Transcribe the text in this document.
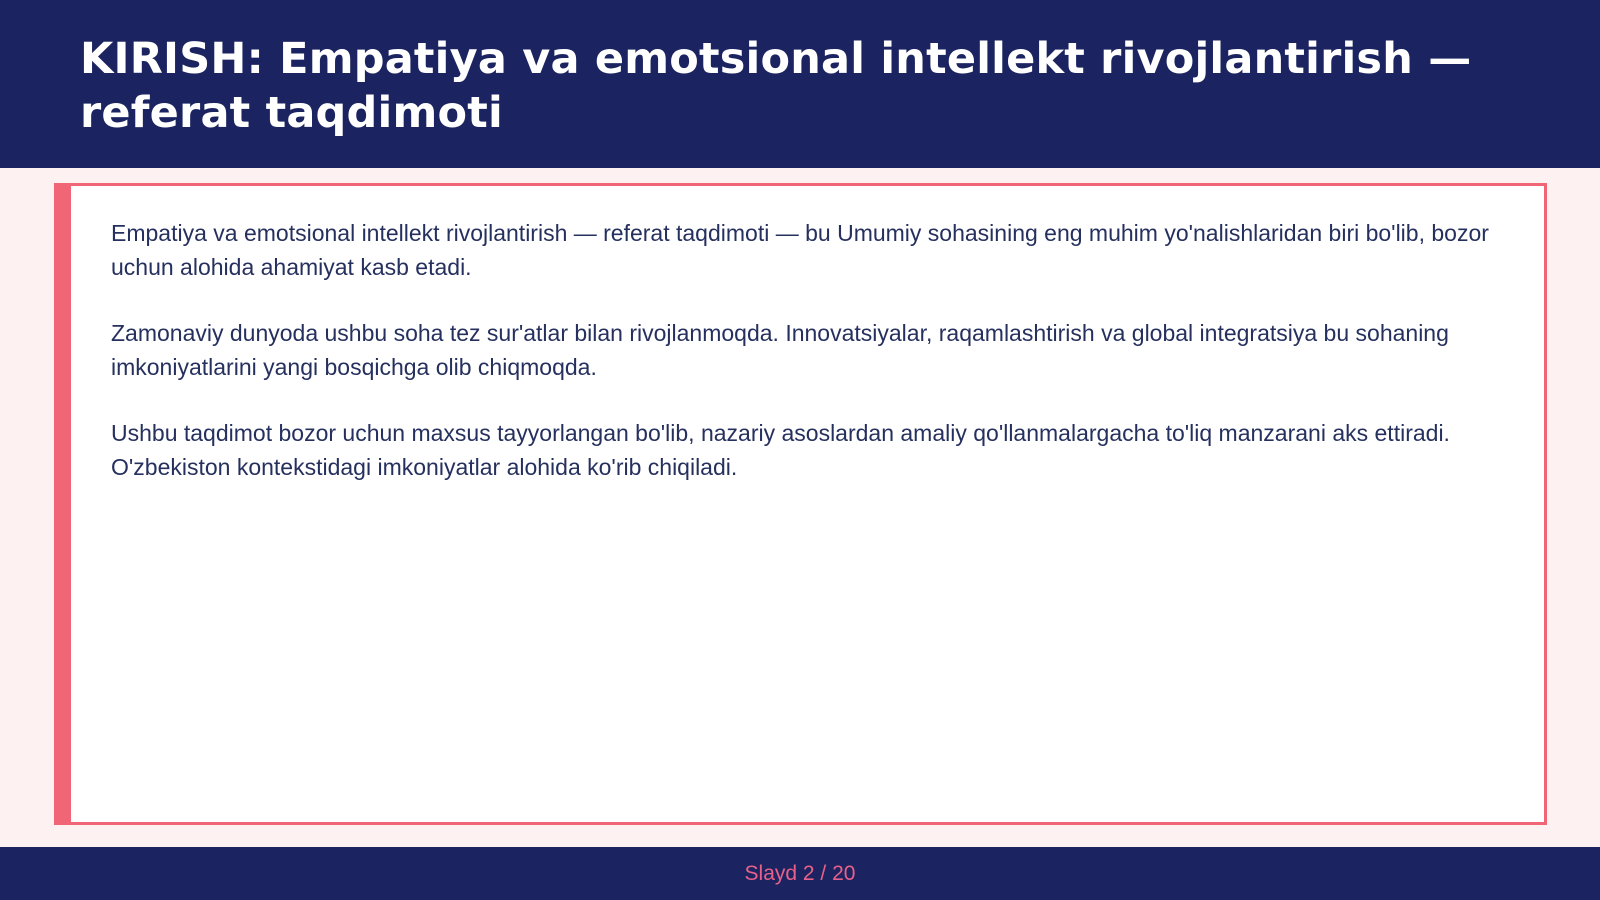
KIRISH: Empatiya va emotsional intellekt rivojlantirish — referat taqdimoti

Empatiya va emotsional intellekt rivojlantirish — referat taqdimoti — bu Umumiy sohasining eng muhim yo'nalishlaridan biri bo'lib, bozor uchun alohida ahamiyat kasb etadi.

Zamonaviy dunyoda ushbu soha tez sur'atlar bilan rivojlanmoqda. Innovatsiyalar, raqamlashtirish va global integratsiya bu sohaning imkoniyatlarini yangi bosqichga olib chiqmoqda.

Ushbu taqdimot bozor uchun maxsus tayyorlangan bo'lib, nazariy asoslardan amaliy qo'llanmalargacha to'liq manzarani aks ettiradi. O'zbekiston kontekstidagi imkoniyatlar alohida ko'rib chiqiladi.

Slayd 2 / 20
